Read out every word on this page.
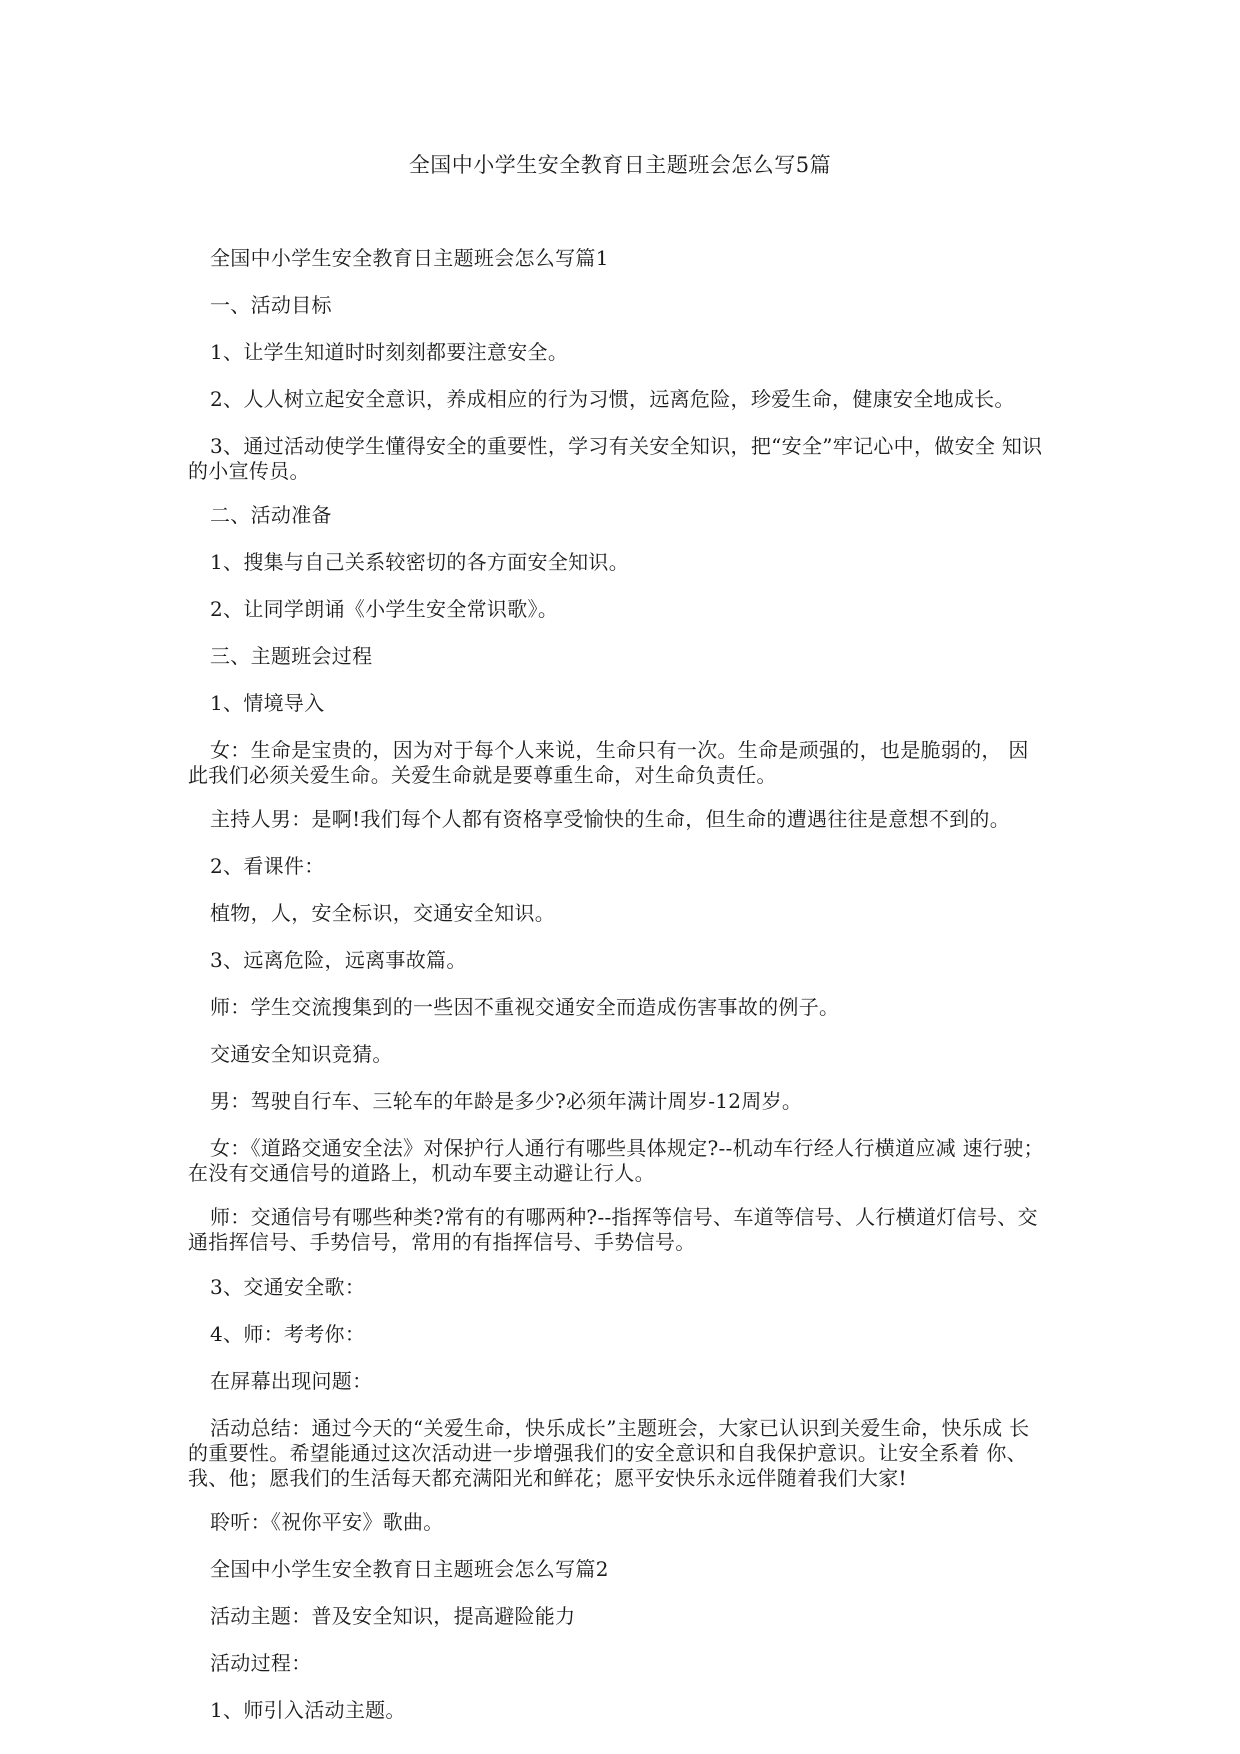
全国中小学生安全教育日主题班会怎么写5篇

全国中小学生安全教育日主题班会怎么写篇1

一、活动目标

1、让学生知道时时刻刻都要注意安全。

2、人人树立起安全意识，养成相应的行为习惯，远离危险，珍爱生命，健康安全地成长。

3、通过活动使学生懂得安全的重要性，学习有关安全知识，把“安全”牢记心中，做安全 知识的小宣传员。

二、活动准备

1、搜集与自己关系较密切的各方面安全知识。

2、让同学朗诵《小学生安全常识歌》。

三、主题班会过程

1、情境导入

女：生命是宝贵的，因为对于每个人来说，生命只有一次。生命是顽强的，也是脆弱的， 因此我们必须关爱生命。关爱生命就是要尊重生命，对生命负责任。

主持人男：是啊!我们每个人都有资格享受愉快的生命，但生命的遭遇往往是意想不到的。

2、看课件：

植物，人，安全标识，交通安全知识。

3、远离危险，远离事故篇。

师：学生交流搜集到的一些因不重视交通安全而造成伤害事故的例子。

交通安全知识竞猜。

男：驾驶自行车、三轮车的年龄是多少?必须年满计周岁-12周岁。

女：《道路交通安全法》对保护行人通行有哪些具体规定?--机动车行经人行横道应减 速行驶；在没有交通信号的道路上，机动车要主动避让行人。

师：交通信号有哪些种类?常有的有哪两种?--指挥等信号、车道等信号、人行横道灯信号、交通指挥信号、手势信号，常用的有指挥信号、手势信号。

3、交通安全歌：

4、师：考考你：

在屏幕出现问题：

活动总结：通过今天的“关爱生命，快乐成长”主题班会，大家已认识到关爱生命，快乐成 长的重要性。希望能通过这次活动进一步增强我们的安全意识和自我保护意识。让安全系着 你、我、他；愿我们的生活每天都充满阳光和鲜花；愿平安快乐永远伴随着我们大家!

聆听：《祝你平安》歌曲。

全国中小学生安全教育日主题班会怎么写篇2

活动主题：普及安全知识，提高避险能力

活动过程：

1、师引入活动主题。
